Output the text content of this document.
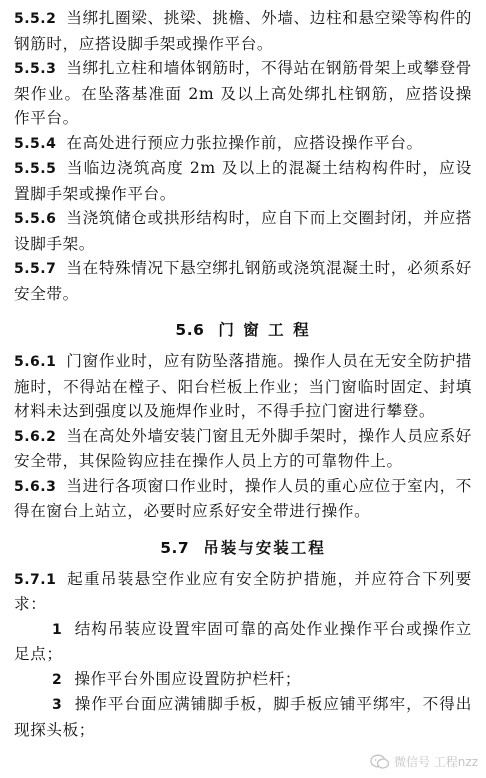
5.5.2 当绑扎圈梁、挑梁、挑檐、外墙、边柱和悬空梁等构件的钢筋时，应搭设脚手架或操作平台。

5.5.3 当绑扎立柱和墙体钢筋时，不得站在钢筋骨架上或攀登骨架作业。在坠落基准面 2m 及以上高处绑扎柱钢筋，应搭设操作平台。

5.5.4 在高处进行预应力张拉操作前，应搭设操作平台。

5.5.5 当临边浇筑高度 2m 及以上的混凝土结构构件时，应设置脚手架或操作平台。

5.5.6 当浇筑储仓或拱形结构时，应自下而上交圈封闭，并应搭设脚手架。

5.5.7 当在特殊情况下悬空绑扎钢筋或浇筑混凝土时，必须系好安全带。

5.6 门 窗 工 程

5.6.1 门窗作业时，应有防坠落措施。操作人员在无安全防护措施时，不得站在樘子、阳台栏板上作业；当门窗临时固定、封填材料未达到强度以及施焊作业时，不得手拉门窗进行攀登。

5.6.2 当在高处外墙安装门窗且无外脚手架时，操作人员应系好安全带，其保险钩应挂在操作人员上方的可靠物件上。

5.6.3 当进行各项窗口作业时，操作人员的重心应位于室内，不得在窗台上站立，必要时应系好安全带进行操作。

5.7 吊装与安装工程

5.7.1 起重吊装悬空作业应有安全防护措施，并应符合下列要求：

1 结构吊装应设置牢固可靠的高处作业操作平台或操作立足点；

2 操作平台外围应设置防护栏杆；

3 操作平台面应满铺脚手板，脚手板应铺平绑牢，不得出现探头板；

微信号 工程nzz
